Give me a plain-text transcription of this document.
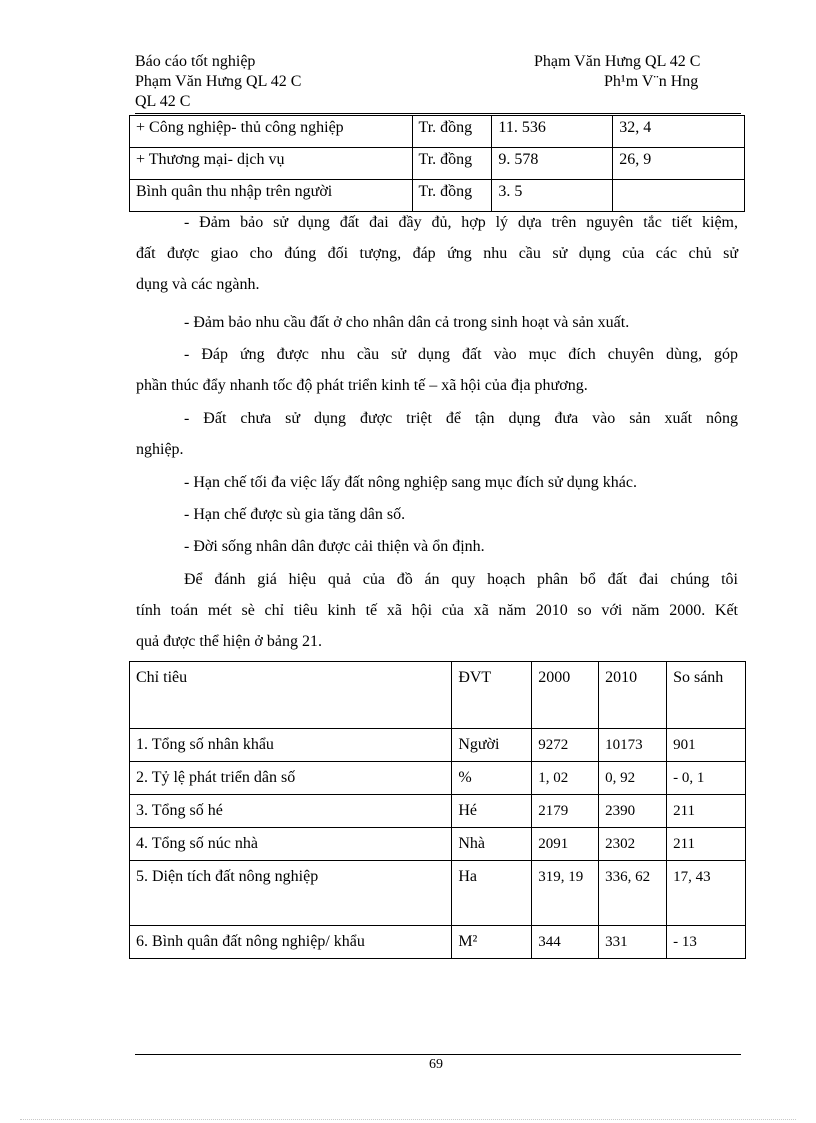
Báo cáo tốt nghiệp
Phạm Văn Hưng QL 42 C
QL 42 C
Phạm Văn Hưng QL 42 C
Ph¹m V¨n Hng
+ Công nghiệp- thủ công nghiệp	Tr. đồng	11. 536	32, 4
+ Thương mại- dịch vụ	Tr. đồng	9. 578	26, 9
Bình quân thu nhập trên người	Tr. đồng	3. 5	
- Đảm bảo sử dụng đất đai đầy đủ, hợp lý dựa trên nguyên tắc tiết kiệm,
đất được giao cho đúng đối tượng, đáp ứng nhu cầu sử dụng của các chủ sử
dụng và các ngành.
- Đảm bảo nhu cầu đất ở cho nhân dân cả trong sinh hoạt và sản xuất.
- Đáp ứng được nhu cầu sử dụng đất vào mục đích chuyên dùng, góp
phần thúc đẩy nhanh tốc độ phát triển kinh tế – xã hội của địa phương.
- Đất chưa sử dụng được triệt để tận dụng đưa vào sản xuất nông
nghiệp.
- Hạn chế tối đa việc lấy đất nông nghiệp sang mục đích sử dụng khác.
- Hạn chế được sù gia tăng dân số.
- Đời sống nhân dân được cải thiện và ổn định.
Để đánh giá hiệu quả của đồ án quy hoạch phân bổ đất đai chúng tôi
tính toán mét sè chỉ tiêu kinh tế xã hội của xã năm 2010 so với năm 2000. Kết
quả được thể hiện ở bảng 21.
Chỉ tiêu	ĐVT	2000	2010	So sánh
1. Tổng số nhân khẩu	Người	9272	10173	901
2. Tỷ lệ phát triển dân số	%	1, 02	0, 92	- 0, 1
3. Tổng số hé	Hé	2179	2390	211
4. Tổng số núc nhà	Nhà	2091	2302	211
5. Diện tích đất nông nghiệp	Ha	319, 19	336, 62	17, 43
6. Bình quân đất nông nghiệp/ khẩu	M²	344	331	- 13
69
